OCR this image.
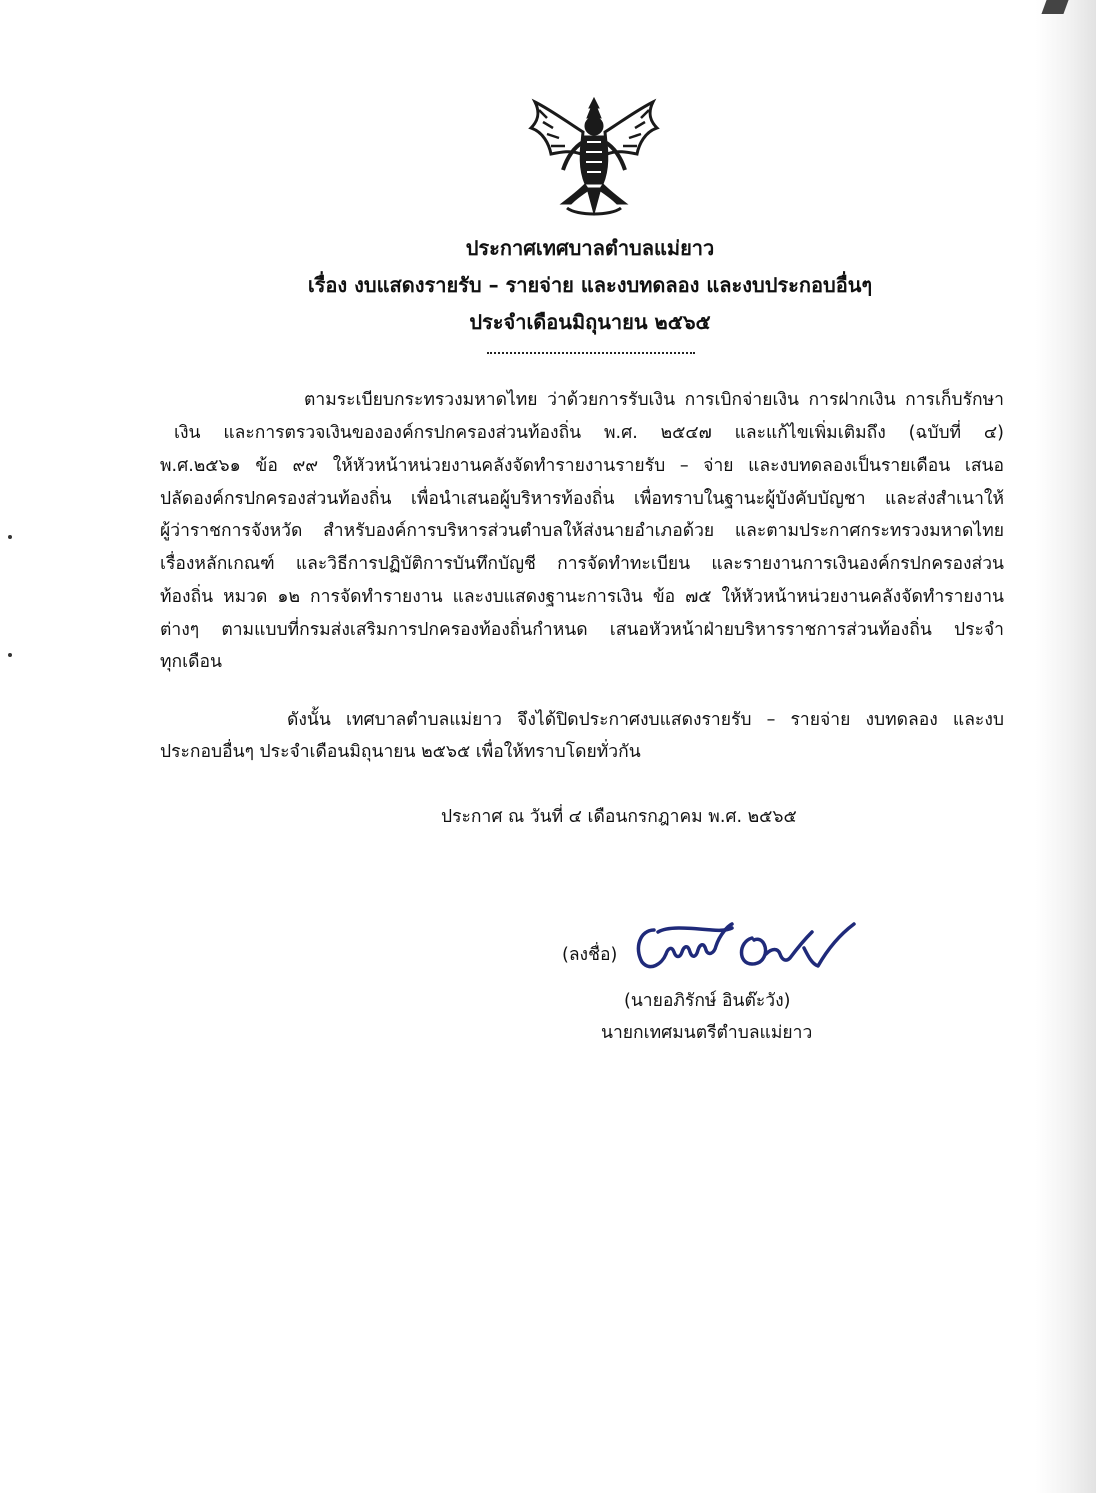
ประกาศเทศบาลตำบลแม่ยาว
เรื่อง งบแสดงรายรับ – รายจ่าย และงบทดลอง และงบประกอบอื่นๆ
ประจำเดือนมิถุนายน ๒๕๖๕
ตามระเบียบกระทรวงมหาดไทย ว่าด้วยการรับเงิน การเบิกจ่ายเงิน การฝากเงิน การเก็บรักษา
เงิน และการตรวจเงินขององค์กรปกครองส่วนท้องถิ่น พ.ศ. ๒๕๔๗ และแก้ไขเพิ่มเติมถึง (ฉบับที่ ๔)
พ.ศ.๒๕๖๑ ข้อ ๙๙ ให้หัวหน้าหน่วยงานคลังจัดทำรายงานรายรับ – จ่าย และงบทดลองเป็นรายเดือน เสนอ
ปลัดองค์กรปกครองส่วนท้องถิ่น เพื่อนำเสนอผู้บริหารท้องถิ่น เพื่อทราบในฐานะผู้บังคับบัญชา และส่งสำเนาให้
ผู้ว่าราชการจังหวัด สำหรับองค์การบริหารส่วนตำบลให้ส่งนายอำเภอด้วย และตามประกาศกระทรวงมหาดไทย
เรื่องหลักเกณฑ์ และวิธีการปฏิบัติการบันทึกบัญชี การจัดทำทะเบียน และรายงานการเงินองค์กรปกครองส่วน
ท้องถิ่น หมวด ๑๒ การจัดทำรายงาน และงบแสดงฐานะการเงิน ข้อ ๗๕ ให้หัวหน้าหน่วยงานคลังจัดทำรายงาน
ต่างๆ ตามแบบที่กรมส่งเสริมการปกครองท้องถิ่นกำหนด เสนอหัวหน้าฝ่ายบริหารราชการส่วนท้องถิ่น ประจำ
ทุกเดือน
ดังนั้น เทศบาลตำบลแม่ยาว จึงได้ปิดประกาศงบแสดงรายรับ – รายจ่าย งบทดลอง และงบ
ประกอบอื่นๆ ประจำเดือนมิถุนายน ๒๕๖๕ เพื่อให้ทราบโดยทั่วกัน
ประกาศ ณ วันที่ ๔ เดือนกรกฎาคม พ.ศ. ๒๕๖๕
(ลงชื่อ)
(นายอภิรักษ์ อินต๊ะวัง)
นายกเทศมนตรีตำบลแม่ยาว
